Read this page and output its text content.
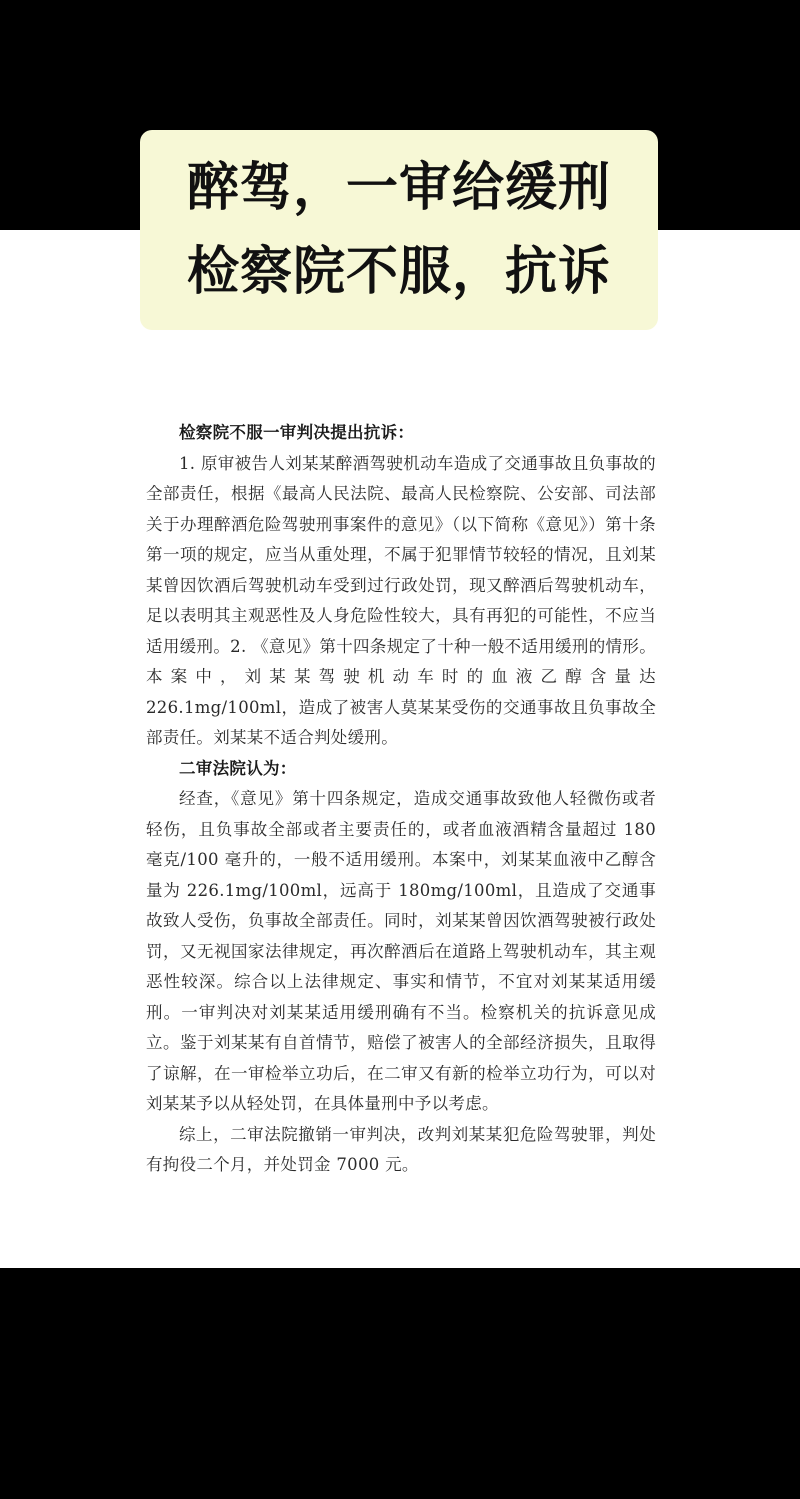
醉驾，一审给缓刑
检察院不服，抗诉

检察院不服一审判决提出抗诉：

1. 原审被告人刘某某醉酒驾驶机动车造成了交通事故且负事故的全部责任，根据《最高人民法院、最高人民检察院、公安部、司法部关于办理醉酒危险驾驶刑事案件的意见》（以下简称《意见》）第十条第一项的规定，应当从重处理，不属于犯罪情节较轻的情况，且刘某某曾因饮酒后驾驶机动车受到过行政处罚，现又醉酒后驾驶机动车，足以表明其主观恶性及人身危险性较大，具有再犯的可能性，不应当适用缓刑。2. 《意见》第十四条规定了十种一般不适用缓刑的情形。本案中，刘某某驾驶机动车时的血液乙醇含量达 226.1mg/100ml，造成了被害人莫某某受伤的交通事故且负事故全部责任。刘某某不适合判处缓刑。

二审法院认为：

经查，《意见》第十四条规定，造成交通事故致他人轻微伤或者轻伤，且负事故全部或者主要责任的，或者血液酒精含量超过 180 毫克/100 毫升的，一般不适用缓刑。本案中，刘某某血液中乙醇含量为 226.1mg/100ml，远高于 180mg/100ml，且造成了交通事故致人受伤，负事故全部责任。同时，刘某某曾因饮酒驾驶被行政处罚，又无视国家法律规定，再次醉酒后在道路上驾驶机动车，其主观恶性较深。综合以上法律规定、事实和情节，不宜对刘某某适用缓刑。一审判决对刘某某适用缓刑确有不当。检察机关的抗诉意见成立。鉴于刘某某有自首情节，赔偿了被害人的全部经济损失，且取得了谅解，在一审检举立功后，在二审又有新的检举立功行为，可以对刘某某予以从轻处罚，在具体量刑中予以考虑。

综上，二审法院撤销一审判决，改判刘某某犯危险驾驶罪，判处有拘役二个月，并处罚金 7000 元。
